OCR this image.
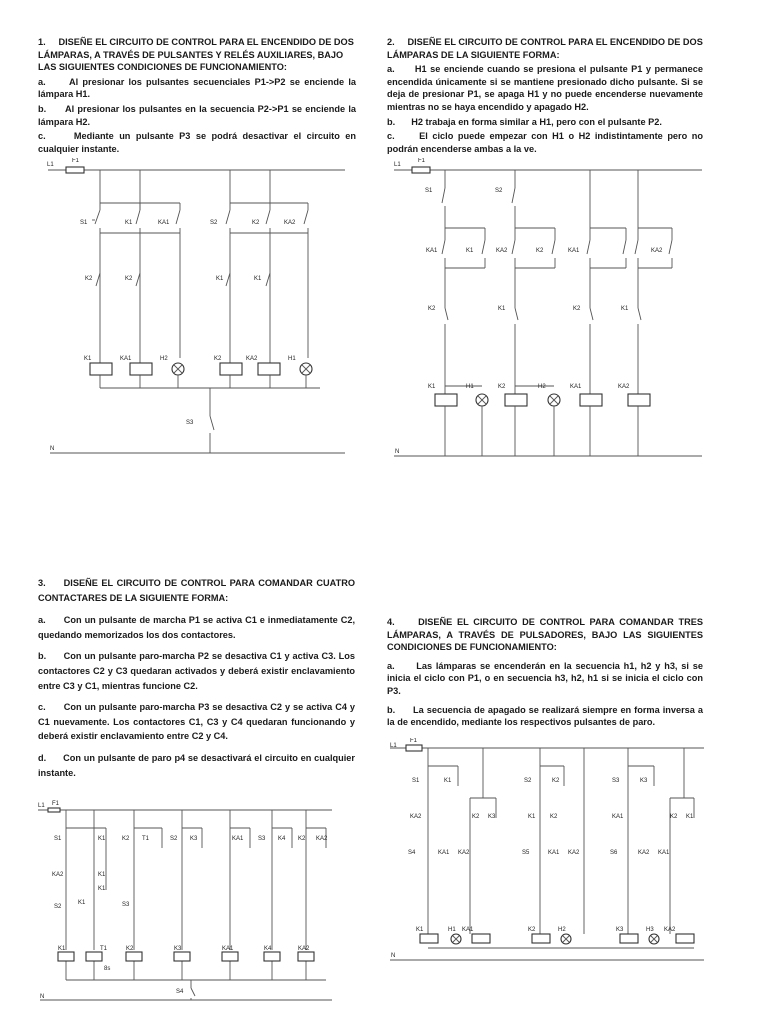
1. DISEÑE EL CIRCUITO DE CONTROL PARA EL ENCENDIDO DE DOS LÁMPARAS, A TRAVÉS DE PULSANTES Y RELÉS AUXILIARES, BAJO LAS SIGUIENTES CONDICIONES DE FUNCIONAMIENTO:

a.	Al presionar los pulsantes secuenciales P1->P2 se enciende la lámpara H1.

b. Al presionar los pulsantes en la secuencia P2->P1 se enciende la lámpara H2.

c.	Mediante un pulsante P3 se podrá desactivar el circuito en cualquier instante.

2. DISEÑE EL CIRCUITO DE CONTROL PARA EL ENCENDIDO DE DOS LÁMPARAS DE LA SIGUIENTE FORMA:

a. H1 se enciende cuando se presiona el pulsante P1 y permanece encendida únicamente si se mantiene presionado dicho pulsante. Si se deja de presionar P1, se apaga H1 y no puede encenderse nuevamente mientras no se haya encendido y apagado H2.

b. H2 trabaja en forma similar a H1, pero con el pulsante P2.

c.	El ciclo puede empezar con H1 o H2 indistintamente pero no podrán encenderse ambas a la ve.

3. DISEÑE EL CIRCUITO DE CONTROL PARA COMANDAR CUATRO CONTACTARES DE LA SIGUIENTE FORMA:

a. Con un pulsante de marcha P1 se activa C1 e inmediatamente C2, quedando memorizados los dos contactores.

b. Con un pulsante paro-marcha P2 se desactiva C1 y activa C3. Los contactores C2 y C3 quedaran activados y deberá existir enclavamiento entre C3 y C1, mientras funcione C2.

c. Con un pulsante paro-marcha P3 se desactiva C2 y se activa C4 y C1 nuevamente. Los contactores C1, C3 y C4 quedaran funcionando y deberá existir enclavamiento entre C2 y C4.

d. Con un pulsante de paro p4 se desactivará el circuito en cualquier instante.

4.	DISEÑE EL CIRCUITO DE CONTROL PARA COMANDAR TRES LÁMPARAS, A TRAVÉS DE PULSADORES, BAJO LAS SIGUIENTES CONDICIONES DE FUNCIONAMIENTO:

a. Las lámparas se encenderán en la secuencia h1, h2 y h3, si se inicia el ciclo con P1, o en secuencia h3, h2, h1 si se inicia el ciclo con P3.

b. La secuencia de apagado se realizará siempre en forma inversa a la de encendido, mediante los respectivos pulsantes de paro.

L1
F1
N
S1	K1	KA1
K2	K2
K1	KA1	H2
S2	K2	KA2
K1	K1
K2	KA2	H1
S3
L1
F1
N
S1
KA1	K1
K2
K1	H1
S2
KA2	K2
K1
K2	H2
KA1
K2
KA1
KA2
K1
KA2
L1 F1
N
S1	K1	K2 T1	S2 K3	KA1 S3 K4 K2 KA2
KA2	K1
K1
S3
S2
K1
K1	T1	K2	K3	KA1	K4	KA2
8s
S4
L1
F1
N
S1	S2	S3
K1	K2	K3
KA2	K2 K3	K1 K2	KA1	K2 K1
S4	S5	S6
KA1 KA2	KA1 KA2	KA2 KA1
K1	KA1	K2	K3	KA2
H1	H2	H3
